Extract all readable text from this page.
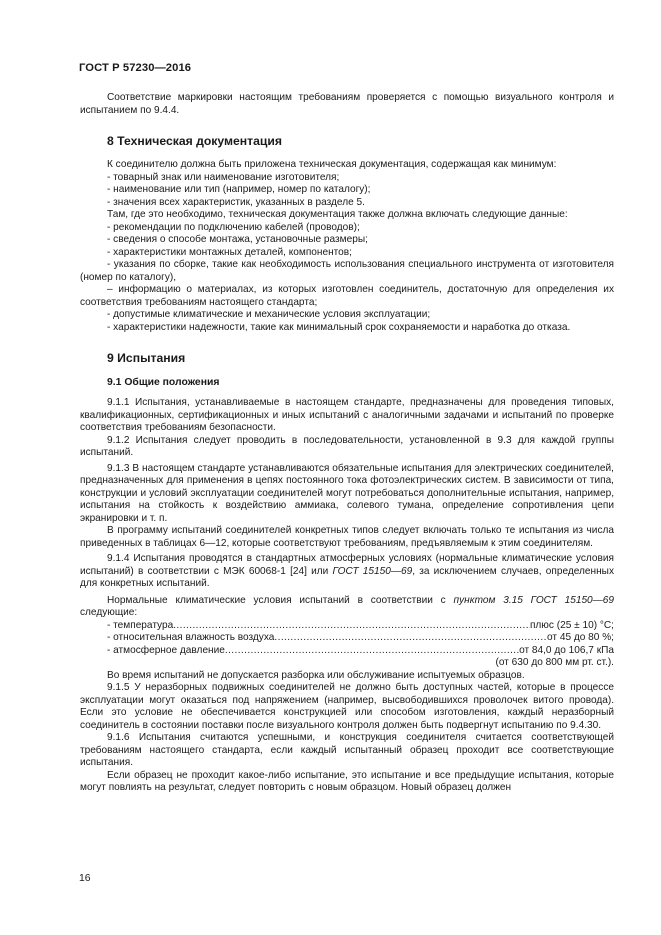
ГОСТ Р 57230—2016

Соответствие маркировки настоящим требованиям проверяется с помощью визуального контроля и испытанием по 9.4.4.

8 Техническая документация

К соединителю должна быть приложена техническая документация, содержащая как минимум:

- товарный знак или наименование изготовителя;

- наименование или тип (например, номер по каталогу);

- значения всех характеристик, указанных в разделе 5.

Там, где это необходимо, техническая документация также должна включать следующие данные:

- рекомендации по подключению кабелей (проводов);

- сведения о способе монтажа, установочные размеры;

- характеристики монтажных деталей, компонентов;

- указания по сборке, такие как необходимость использования специального инструмента от изготовителя (номер по каталогу),

– информацию о материалах, из которых изготовлен соединитель, достаточную для определения их соответствия требованиям настоящего стандарта;

- допустимые климатические и механические условия эксплуатации;

- характеристики надежности, такие как минимальный срок сохраняемости и наработка до отказа.

9 Испытания
9.1 Общие положения

9.1.1 Испытания, устанавливаемые в настоящем стандарте, предназначены для проведения типовых, квалификационных, сертификационных и иных испытаний с аналогичными задачами и испытаний по проверке соответствия требованиям безопасности.

9.1.2 Испытания следует проводить в последовательности, установленной в 9.3 для каждой группы испытаний.

9.1.3 В настоящем стандарте устанавливаются обязательные испытания для электрических соединителей, предназначенных для применения в цепях постоянного тока фотоэлектрических систем. В зависимости от типа, конструкции и условий эксплуатации соединителей могут потребоваться дополнительные испытания, например, испытания на стойкость к воздействию аммиака, солевого тумана, определение сопротивления цепи экранировки и т. п.

В программу испытаний соединителей конкретных типов следует включать только те испытания из числа приведенных в таблицах 6—12, которые соответствуют требованиям, предъявляемым к этим соединителям.

9.1.4 Испытания проводятся в стандартных атмосферных условиях (нормальные климатические условия испытаний) в соответствии с МЭК 60068-1 [24] или ГОСТ 15150—69, за исключением случаев, определенных для конкретных испытаний.

Нормальные климатические условия испытаний в соответствии с пунктом 3.15 ГОСТ 15150—69 следующие:

- температура .....	плюс (25 ± 10) °С;
- относительная влажность воздуха .....	от 45 до 80 %;
- атмосферное давление .....	от 84,0 до 106,7 кПа

(от 630 до 800 мм рт. ст.).

Во время испытаний не допускается разборка или обслуживание испытуемых образцов.

9.1.5 У неразборных подвижных соединителей не должно быть доступных частей, которые в процессе эксплуатации могут оказаться под напряжением (например, высвободившихся проволочек витого провода). Если это условие не обеспечивается конструкцией или способом изготовления, каждый неразборный соединитель в состоянии поставки после визуального контроля должен быть подвергнут испытанию по 9.4.30.

9.1.6 Испытания считаются успешными, и конструкция соединителя считается соответствующей требованиям настоящего стандарта, если каждый испытанный образец проходит все соответствующие испытания.

Если образец не проходит какое-либо испытание, это испытание и все предыдущие испытания, которые могут повлиять на результат, следует повторить с новым образцом. Новый образец должен

16
